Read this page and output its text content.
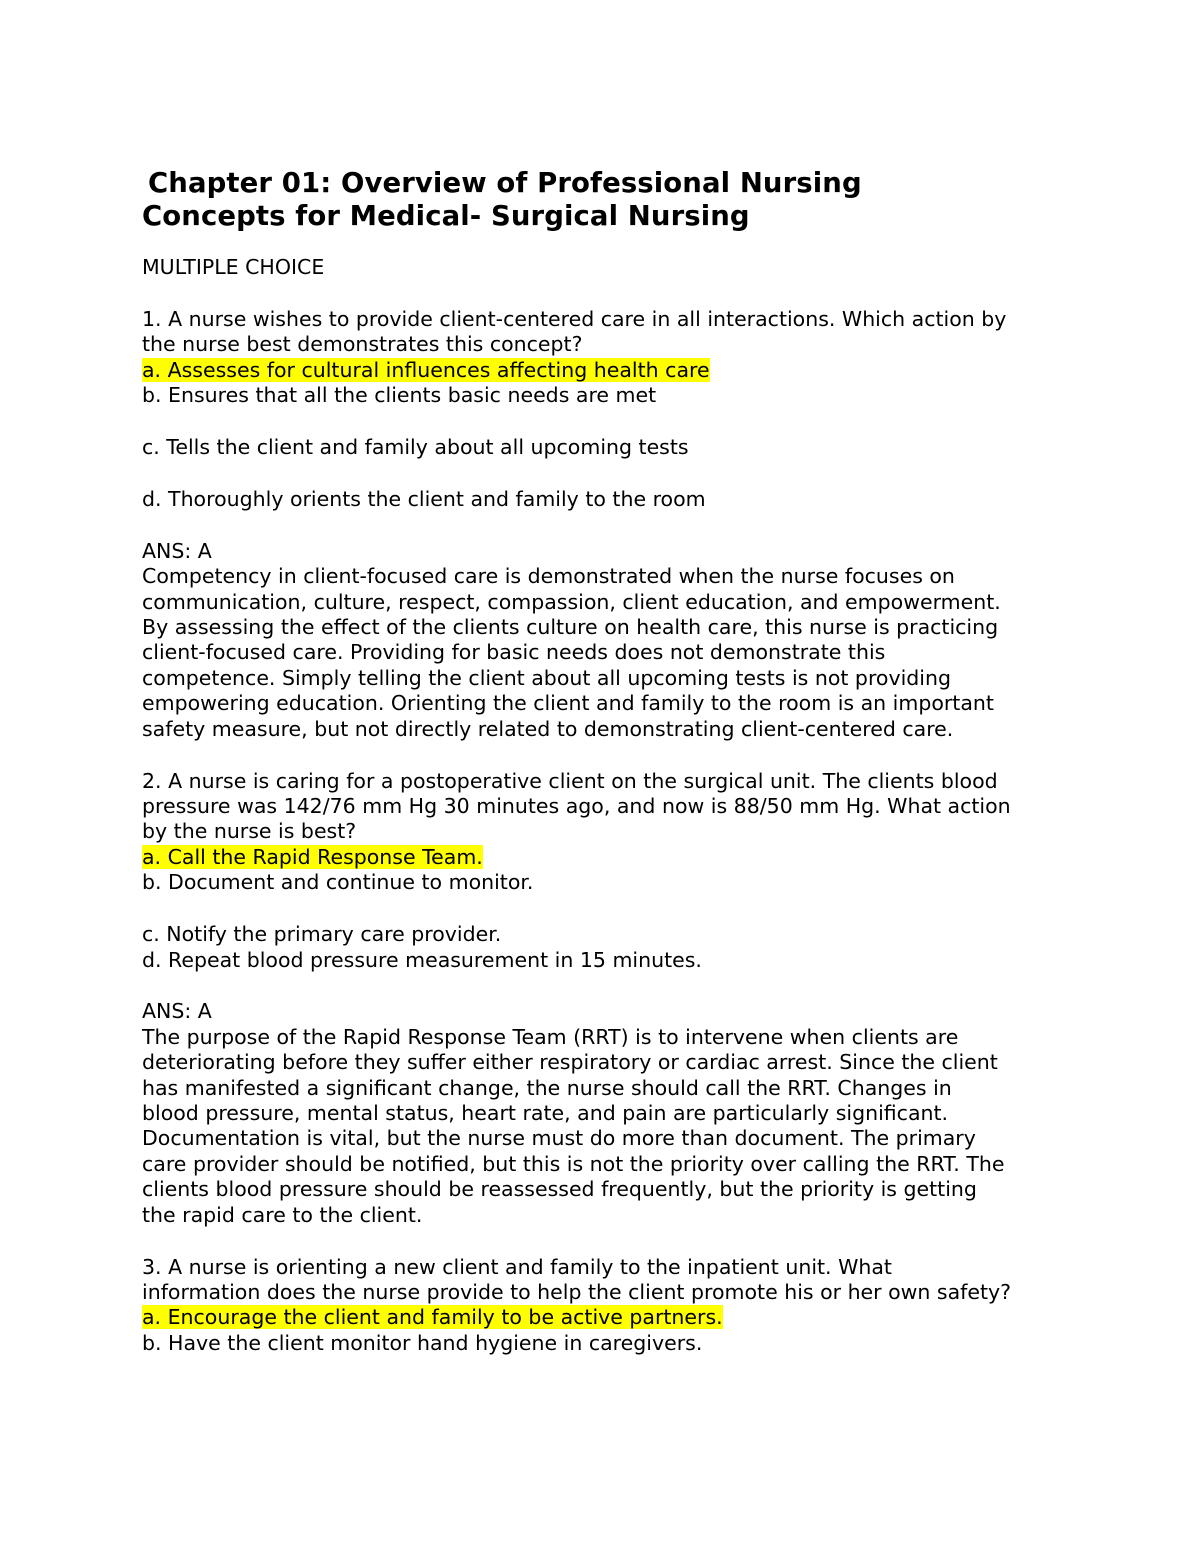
Chapter 01: Overview of Professional Nursing
Concepts for Medical- Surgical Nursing
MULTIPLE CHOICE
1. A nurse wishes to provide client-centered care in all interactions. Which action by
the nurse best demonstrates this concept?
a. Assesses for cultural influences affecting health care
b. Ensures that all the clients basic needs are met
c. Tells the client and family about all upcoming tests
d. Thoroughly orients the client and family to the room
ANS: A
Competency in client-focused care is demonstrated when the nurse focuses on
communication, culture, respect, compassion, client education, and empowerment.
By assessing the effect of the clients culture on health care, this nurse is practicing
client-focused care. Providing for basic needs does not demonstrate this
competence. Simply telling the client about all upcoming tests is not providing
empowering education. Orienting the client and family to the room is an important
safety measure, but not directly related to demonstrating client-centered care.
2. A nurse is caring for a postoperative client on the surgical unit. The clients blood
pressure was 142/76 mm Hg 30 minutes ago, and now is 88/50 mm Hg. What action
by the nurse is best?
a. Call the Rapid Response Team.
b. Document and continue to monitor.
c. Notify the primary care provider.
d. Repeat blood pressure measurement in 15 minutes.
ANS: A
The purpose of the Rapid Response Team (RRT) is to intervene when clients are
deteriorating before they suffer either respiratory or cardiac arrest. Since the client
has manifested a significant change, the nurse should call the RRT. Changes in
blood pressure, mental status, heart rate, and pain are particularly significant.
Documentation is vital, but the nurse must do more than document. The primary
care provider should be notified, but this is not the priority over calling the RRT. The
clients blood pressure should be reassessed frequently, but the priority is getting
the rapid care to the client.
3. A nurse is orienting a new client and family to the inpatient unit. What
information does the nurse provide to help the client promote his or her own safety?
a. Encourage the client and family to be active partners.
b. Have the client monitor hand hygiene in caregivers.
